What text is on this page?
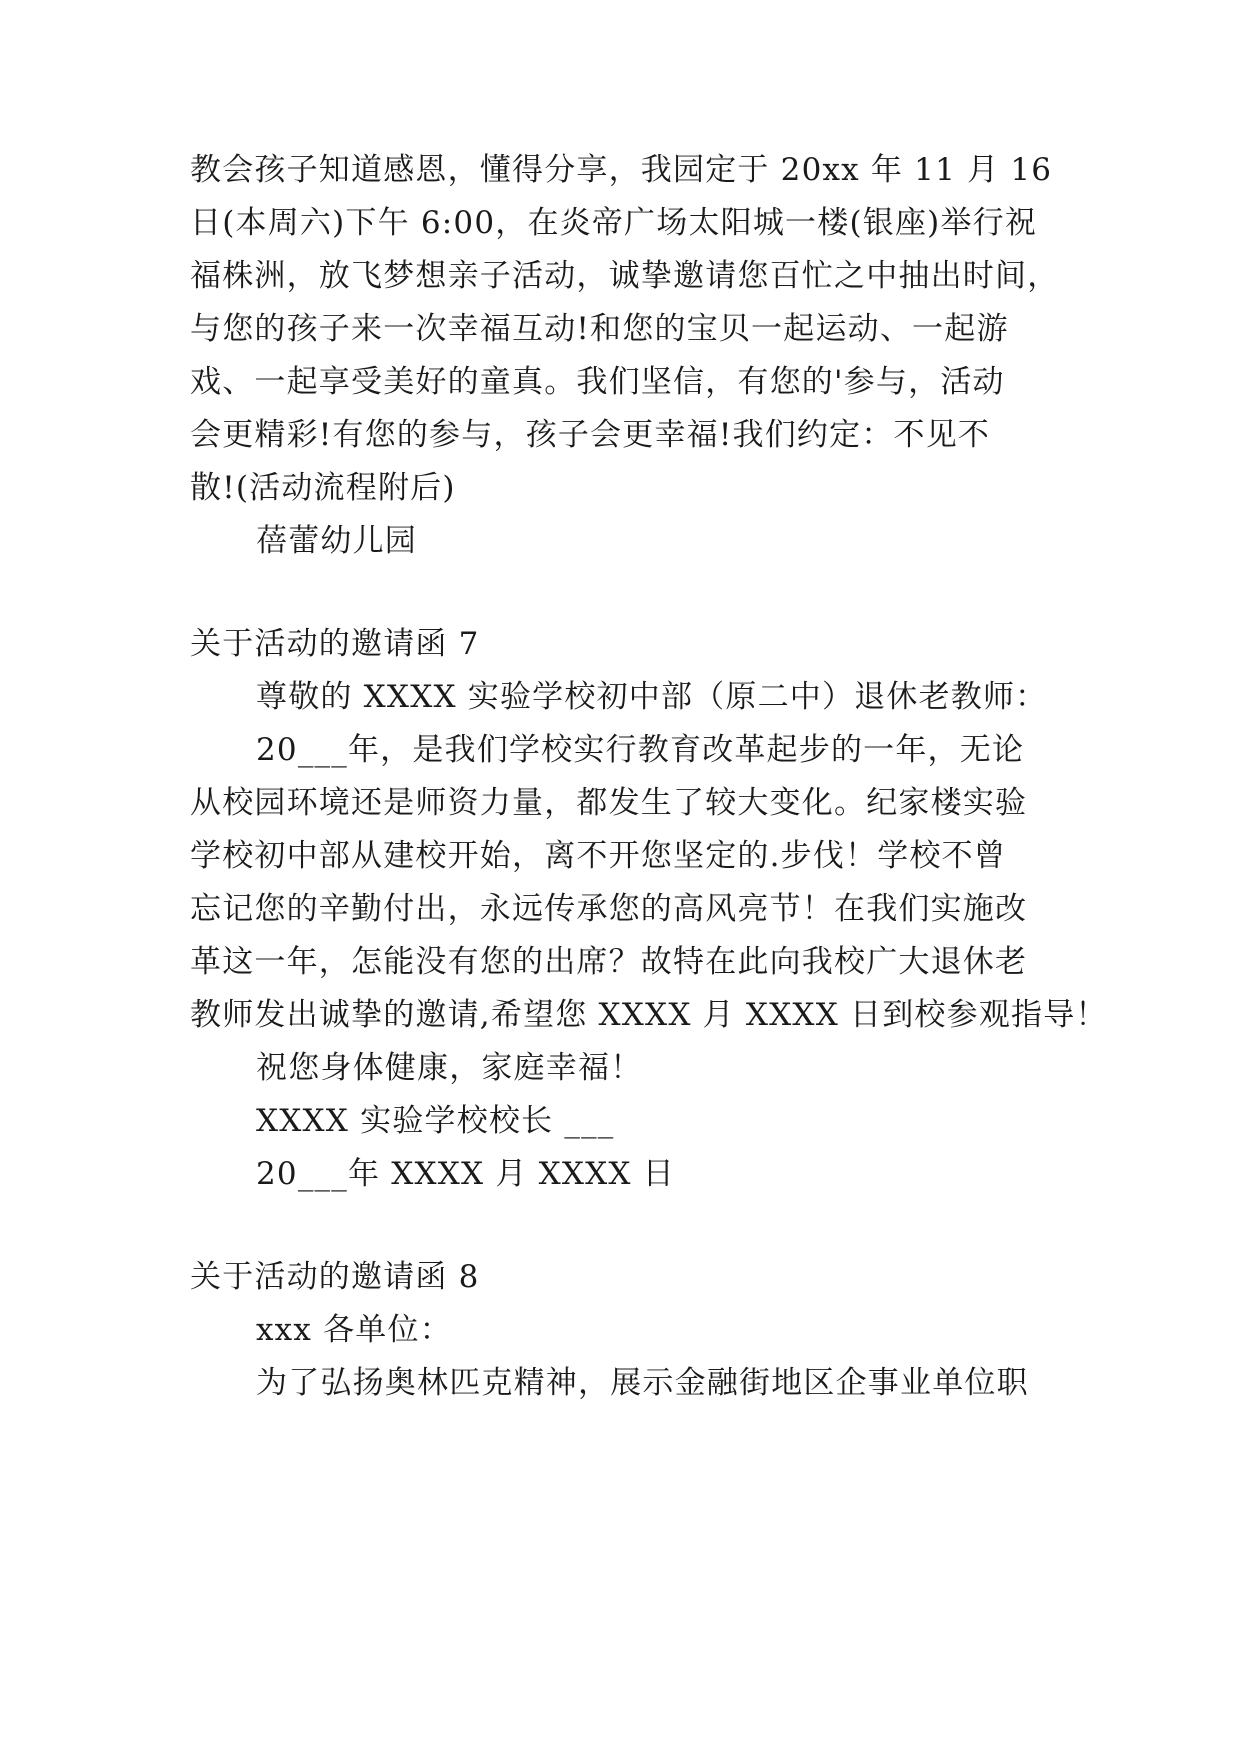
教会孩子知道感恩，懂得分享，我园定于 20xx 年 11 月 16
日(本周六)下午 6:00，在炎帝广场太阳城一楼(银座)举行祝
福株洲，放飞梦想亲子活动，诚挚邀请您百忙之中抽出时间，
与您的孩子来一次幸福互动!和您的宝贝一起运动、一起游
戏、一起享受美好的童真。我们坚信，有您的'参与，活动
会更精彩!有您的参与，孩子会更幸福!我们约定：不见不
散!(活动流程附后)
蓓蕾幼儿园
关于活动的邀请函 7
尊敬的 XXXX 实验学校初中部（原二中）退休老教师：
20___年，是我们学校实行教育改革起步的一年，无论
从校园环境还是师资力量，都发生了较大变化。纪家楼实验
学校初中部从建校开始，离不开您坚定的.步伐！学校不曾
忘记您的辛勤付出，永远传承您的高风亮节！在我们实施改
革这一年，怎能没有您的出席？故特在此向我校广大退休老
教师发出诚挚的邀请,希望您 XXXX 月 XXXX 日到校参观指导！
祝您身体健康，家庭幸福！
XXXX 实验学校校长 ___
20___年 XXXX 月 XXXX 日
关于活动的邀请函 8
xxx 各单位：
为了弘扬奥林匹克精神，展示金融街地区企事业单位职
